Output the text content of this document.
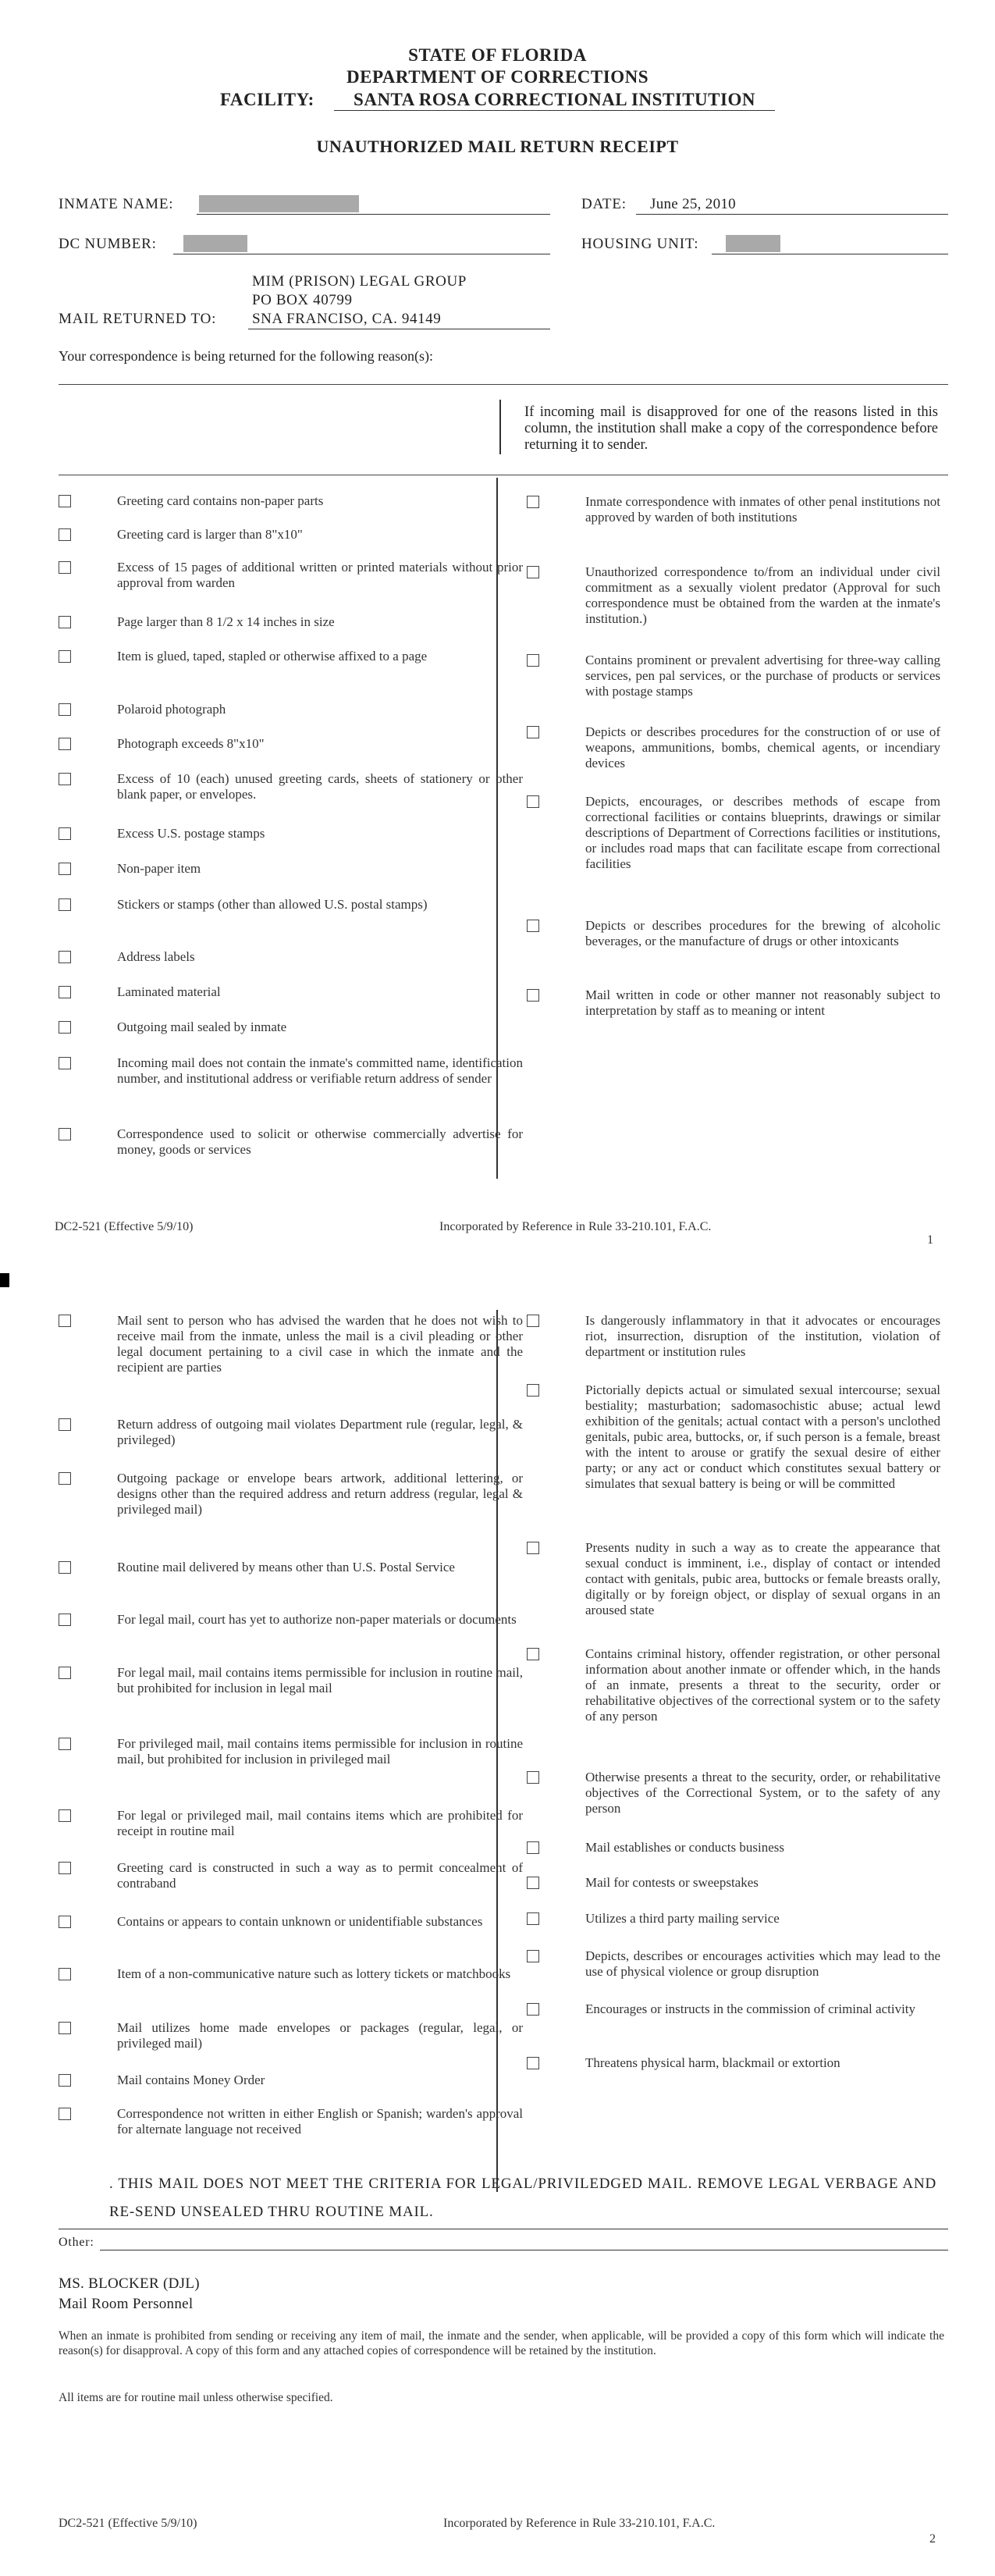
STATE OF FLORIDA
DEPARTMENT OF CORRECTIONS
FACILITY:	SANTA ROSA CORRECTIONAL INSTITUTION
UNAUTHORIZED MAIL RETURN RECEIPT
INMATE NAME:	DATE: June 25, 2010
DC NUMBER:	HOUSING UNIT:
MIM (PRISON) LEGAL GROUP
PO BOX 40799
MAIL RETURNED TO: SNA FRANCISO, CA. 94149
Your correspondence is being returned for the following reason(s):
If incoming mail is disapproved for one of the reasons listed in this column, the institution shall make a copy of the correspondence before returning it to sender.
Greeting card contains non-paper parts
Greeting card is larger than 8"x10"
Excess of 15 pages of additional written or printed materials without prior approval from warden
Page larger than 8 1/2 x 14 inches in size
Item is glued, taped, stapled or otherwise affixed to a page
Polaroid photograph
Photograph exceeds 8"x10"
Excess of 10 (each) unused greeting cards, sheets of stationery or other blank paper, or envelopes.
Excess U.S. postage stamps
Non-paper item
Stickers or stamps (other than allowed U.S. postal stamps)
Address labels
Laminated material
Outgoing mail sealed by inmate
Incoming mail does not contain the inmate's committed name, identification number, and institutional address or verifiable return address of sender
Correspondence used to solicit or otherwise commercially advertise for money, goods or services
Inmate correspondence with inmates of other penal institutions not approved by warden of both institutions
Unauthorized correspondence to/from an individual under civil commitment as a sexually violent predator (Approval for such correspondence must be obtained from the warden at the inmate's institution.)
Contains prominent or prevalent advertising for three-way calling services, pen pal services, or the purchase of products or services with postage stamps
Depicts or describes procedures for the construction of or use of weapons, ammunitions, bombs, chemical agents, or incendiary devices
Depicts, encourages, or describes methods of escape from correctional facilities or contains blueprints, drawings or similar descriptions of Department of Corrections facilities or institutions, or includes road maps that can facilitate escape from correctional facilities
Depicts or describes procedures for the brewing of alcoholic beverages, or the manufacture of drugs or other intoxicants
Mail written in code or other manner not reasonably subject to interpretation by staff as to meaning or intent
DC2-521 (Effective 5/9/10)	Incorporated by Reference in Rule 33-210.101, F.A.C.
1
Mail sent to person who has advised the warden that he does not wish to receive mail from the inmate, unless the mail is a civil pleading or other legal document pertaining to a civil case in which the inmate and the recipient are parties
Return address of outgoing mail violates Department rule (regular, legal, & privileged)
Outgoing package or envelope bears artwork, additional lettering, or designs other than the required address and return address (regular, legal & privileged mail)
Routine mail delivered by means other than U.S. Postal Service
For legal mail, court has yet to authorize non-paper materials or documents
For legal mail, mail contains items permissible for inclusion in routine mail, but prohibited for inclusion in legal mail
For privileged mail, mail contains items permissible for inclusion in routine mail, but prohibited for inclusion in privileged mail
For legal or privileged mail, mail contains items which are prohibited for receipt in routine mail
Greeting card is constructed in such a way as to permit concealment of contraband
Contains or appears to contain unknown or unidentifiable substances
Item of a non-communicative nature such as lottery tickets or matchbooks
Mail utilizes home made envelopes or packages (regular, legal, or privileged mail)
Mail contains Money Order
Correspondence not written in either English or Spanish; warden's approval for alternate language not received
Is dangerously inflammatory in that it advocates or encourages riot, insurrection, disruption of the institution, violation of department or institution rules
Pictorially depicts actual or simulated sexual intercourse; sexual bestiality; masturbation; sadomasochistic abuse; actual lewd exhibition of the genitals; actual contact with a person's unclothed genitals, pubic area, buttocks, or, if such person is a female, breast with the intent to arouse or gratify the sexual desire of either party; or any act or conduct which constitutes sexual battery or simulates that sexual battery is being or will be committed
Presents nudity in such a way as to create the appearance that sexual conduct is imminent, i.e., display of contact or intended contact with genitals, pubic area, buttocks or female breasts orally, digitally or by foreign object, or display of sexual organs in an aroused state
Contains criminal history, offender registration, or other personal information about another inmate or offender which, in the hands of an inmate, presents a threat to the security, order or rehabilitative objectives of the correctional system or to the safety of any person
Otherwise presents a threat to the security, order, or rehabilitative objectives of the Correctional System, or to the safety of any person
Mail establishes or conducts business
Mail for contests or sweepstakes
Utilizes a third party mailing service
Depicts, describes or encourages activities which may lead to the use of physical violence or group disruption
Encourages or instructs in the commission of criminal activity
Threatens physical harm, blackmail or extortion
. THIS MAIL DOES NOT MEET THE CRITERIA FOR LEGAL/PRIVILEDGED MAIL. REMOVE LEGAL VERBAGE AND RE-SEND UNSEALED THRU ROUTINE MAIL.
Other:
MS. BLOCKER (DJL)
Mail Room Personnel
When an inmate is prohibited from sending or receiving any item of mail, the inmate and the sender, when applicable, will be provided a copy of this form which will indicate the reason(s) for disapproval. A copy of this form and any attached copies of correspondence will be retained by the institution.
All items are for routine mail unless otherwise specified.
DC2-521 (Effective 5/9/10)	Incorporated by Reference in Rule 33-210.101, F.A.C.
2
